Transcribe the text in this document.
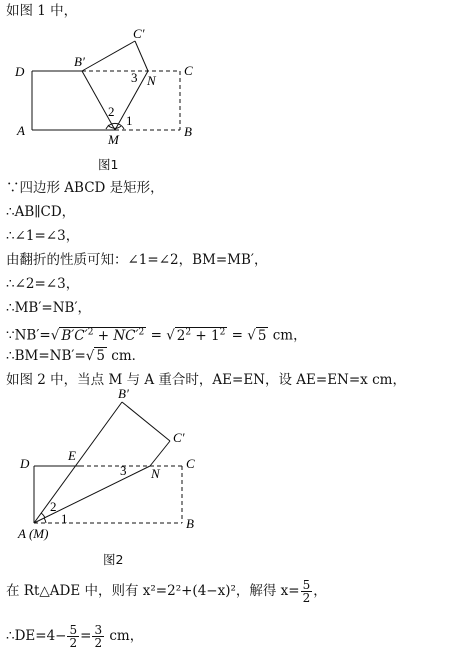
如图 1 中，
D
B′
C′
C
N
3
2
1
A
M
B
图1
∵四边形 ABCD 是矩形，
∴AB∥CD，
∴∠1=∠3，
由翻折的性质可知：∠1=∠2，BM=MB′，
∴∠2=∠3，
∴MB′=NB′，
∵NB′=√ $B'C'^2 + NC'^2$ = √ $2^2 + 1^2$ = √ 5 cm，
∴BM=NB′=√ 5 cm．
如图 2 中，当点 M 与 A 重合时，AE=EN，设 AE=EN=x cm，
B′
C′
D
E
C
3 N
2
1
A (M)
B
图2
在 Rt△ADE 中，则有 x²=2²+(4−x)²，解得 $x= \frac{5}{2}$ ，
∴DE=4− $\frac{5}{2} = \frac{3}{2}$ cm，
